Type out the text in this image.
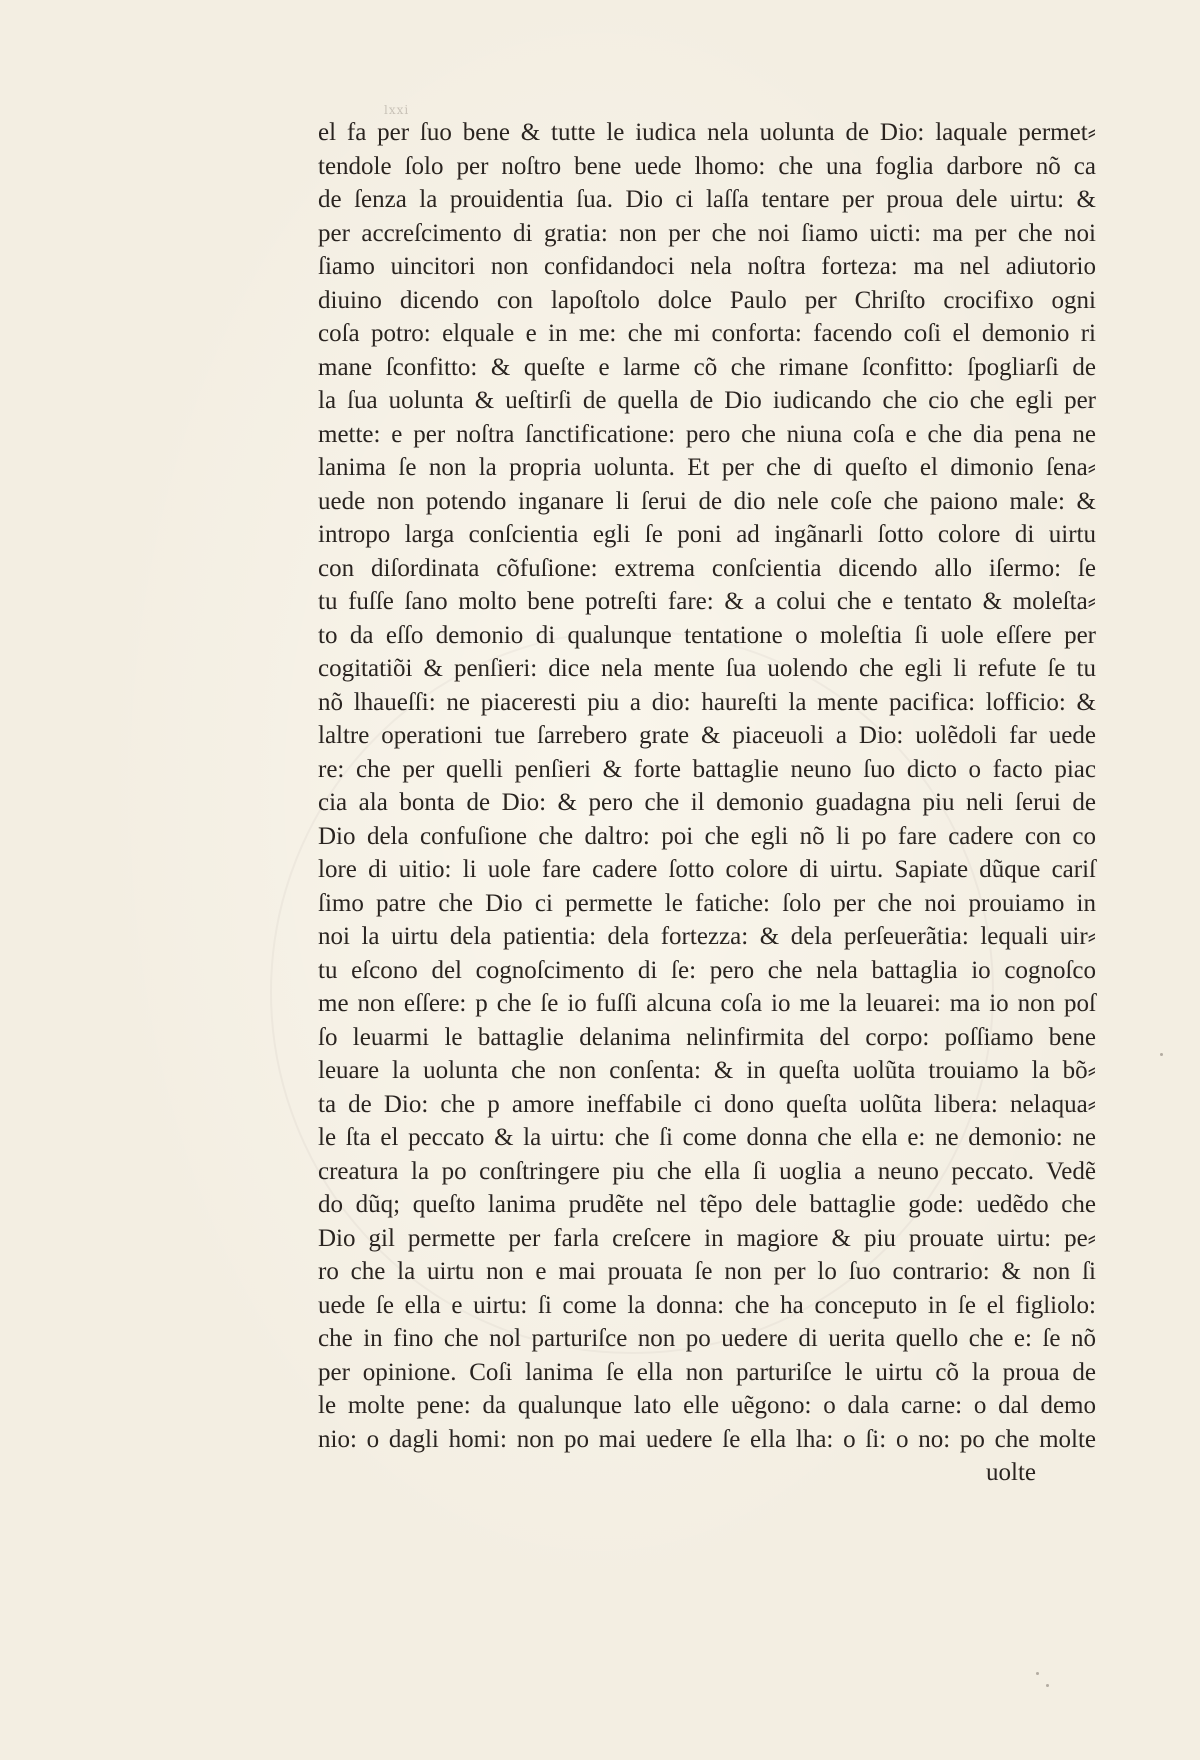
lxxi
el fa per ſuo bene & tutte le iudica nela uolunta de Dio: laquale permet⸗
tendole ſolo per noſtro bene uede lhomo: che una foglia darbore nõ ca
de ſenza la prouidentia ſua. Dio ci laſſa tentare per proua dele uirtu: &
per accreſcimento di gratia: non per che noi ſiamo uicti: ma per che noi
ſiamo uincitori non confidandoci nela noſtra forteza: ma nel adiutorio
diuino dicendo con lapoſtolo dolce Paulo per Chriſto crocifixo ogni
coſa potro: elquale e in me: che mi conforta: facendo coſi el demonio ri
mane ſconfitto: & queſte e larme cõ che rimane ſconfitto: ſpogliarſi de
la ſua uolunta & ueſtirſi de quella de Dio iudicando che cio che egli per
mette: e per noſtra ſanctificatione: pero che niuna coſa e che dia pena ne
lanima ſe non la propria uolunta. Et per che di queſto el dimonio ſena⸗
uede non potendo inganare li ſerui de dio nele coſe che paiono male: &
intropo larga conſcientia egli ſe poni ad ingãnarli ſotto colore di uirtu
con diſordinata cõfuſione: extrema conſcientia dicendo allo iſermo: ſe
tu fuſſe ſano molto bene potreſti fare: & a colui che e tentato & moleſta⸗
to da eſſo demonio di qualunque tentatione o moleſtia ſi uole eſſere per
cogitatiõi & penſieri: dice nela mente ſua uolendo che egli li refute ſe tu
nõ lhaueſſi: ne piaceresti piu a dio: haureſti la mente pacifica: lofficio: &
laltre operationi tue ſarrebero grate & piaceuoli a Dio: uolẽdoli far uede
re: che per quelli penſieri & forte battaglie neuno ſuo dicto o facto piac
cia ala bonta de Dio: & pero che il demonio guadagna piu neli ſerui de
Dio dela confuſione che daltro: poi che egli nõ li po fare cadere con co
lore di uitio: li uole fare cadere ſotto colore di uirtu. Sapiate dũque cariſ
ſimo patre che Dio ci permette le fatiche: ſolo per che noi prouiamo in
noi la uirtu dela patientia: dela fortezza: & dela perſeuerãtia: lequali uir⸗
tu eſcono del cognoſcimento di ſe: pero che nela battaglia io cognoſco
me non eſſere: p che ſe io fuſſi alcuna coſa io me la leuarei: ma io non poſ
ſo leuarmi le battaglie delanima nelinfirmita del corpo: poſſiamo bene
leuare la uolunta che non conſenta: & in queſta uolũta trouiamo la bõ⸗
ta de Dio: che p amore ineffabile ci dono queſta uolũta libera: nelaqua⸗
le ſta el peccato & la uirtu: che ſi come donna che ella e: ne demonio: ne
creatura la po conſtringere piu che ella ſi uoglia a neuno peccato. Vedẽ
do dũq; queſto lanima prudẽte nel tẽpo dele battaglie gode: uedẽdo che
Dio gil permette per farla creſcere in magiore & piu prouate uirtu: pe⸗
ro che la uirtu non e mai prouata ſe non per lo ſuo contrario: & non ſi
uede ſe ella e uirtu: ſi come la donna: che ha conceputo in ſe el figliolo:
che in fino che nol parturiſce non po uedere di uerita quello che e: ſe nõ
per opinione. Coſi lanima ſe ella non parturiſce le uirtu cõ la proua de
le molte pene: da qualunque lato elle uẽgono: o dala carne: o dal demo
nio: o dagli homi: non po mai uedere ſe ella lha: o ſi: o no: po che molte
uolte
